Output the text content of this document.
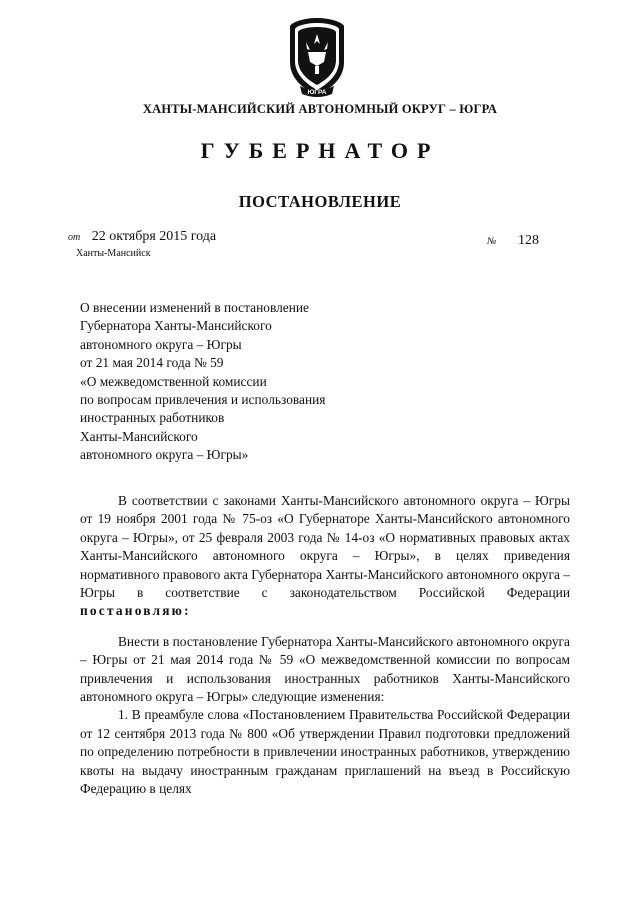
ЮГРА
ХАНТЫ-МАНСИЙСКИЙ АВТОНОМНЫЙ ОКРУГ – ЮГРА
ГУБЕРНАТОР
ПОСТАНОВЛЕНИЕ
от 22 октября 2015 года	№ 128
Ханты-Мансийск
О внесении изменений в постановление
Губернатора Ханты-Мансийского
автономного округа – Югры
от 21 мая 2014 года № 59
«О межведомственной комиссии
по вопросам привлечения и использования
иностранных работников
Ханты-Мансийского
автономного округа – Югры»

В соответствии с законами Ханты-Мансийского автономного округа – Югры от 19 ноября 2001 года № 75-оз «О Губернаторе Ханты-Мансийского автономного округа – Югры», от 25 февраля 2003 года № 14-оз «О нормативных правовых актах Ханты-Мансийского автономного округа – Югры», в целях приведения нормативного правового акта Губернатора Ханты-Мансийского автономного округа – Югры в соответствие с законодательством Российской Федерации постановляю:

Внести в постановление Губернатора Ханты-Мансийского автономного округа – Югры от 21 мая 2014 года № 59 «О межведомственной комиссии по вопросам привлечения и использования иностранных работников Ханты-Мансийского автономного округа – Югры» следующие изменения:

1. В преамбуле слова «Постановлением Правительства Российской Федерации от 12 сентября 2013 года № 800 «Об утверждении Правил подготовки предложений по определению потребности в привлечении иностранных работников, утверждению квоты на выдачу иностранным гражданам приглашений на въезд в Российскую Федерацию в целях
